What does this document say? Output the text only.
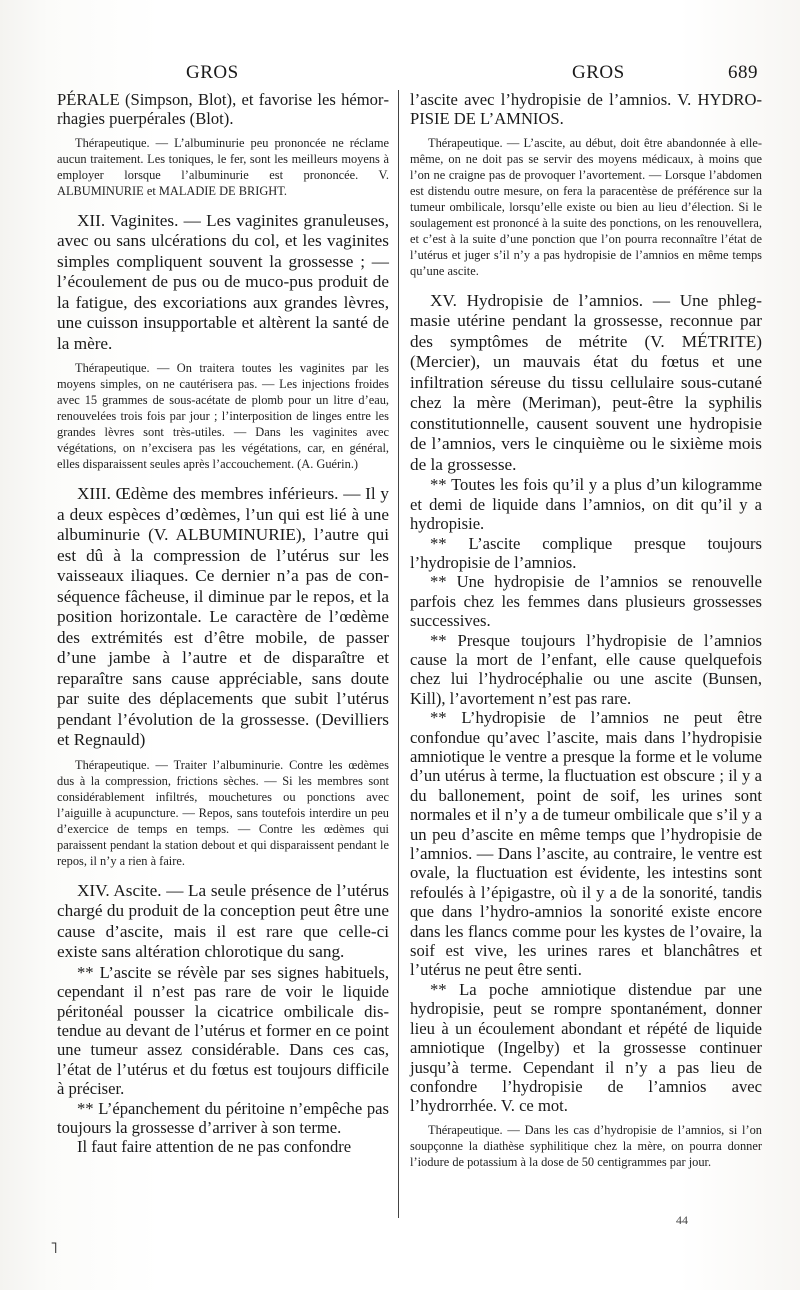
GROS	GROS	689

PÉRALE (Simpson, Blot), et favorise les hémorrhagies puerpérales (Blot).

Thérapeutique. — L’albuminurie peu prononcée ne réclame aucun traitement. Les toniques, le fer, sont les meilleurs moyens à employer lorsque l’albuminurie est prononcée. V. ALBUMINURIE et MALADIE DE BRIGHT.

XII. Vaginites. — Les vaginites granuleuses, avec ou sans ulcérations du col, et les vaginites simples compliquent souvent la grossesse ; — l’écoulement de pus ou de muco-pus produit de la fatigue, des excoriations aux grandes lèvres, une cuisson insupportable et altèrent la santé de la mère.

Thérapeutique. — On traitera toutes les vaginites par les moyens simples, on ne cautérisera pas. — Les injections froides avec 15 grammes de sous-acétate de plomb pour un litre d’eau, renouvelées trois fois par jour ; l’interposition de linges entre les grandes lèvres sont très-utiles. — Dans les vaginites avec végétations, on n’excisera pas les végétations, car, en général, elles disparaissent seules après l’accouchement. (A. Guérin.)

XIII. Œdème des membres inférieurs. — Il y a deux espèces d’œdèmes, l’un qui est lié à une albuminurie (V. ALBUMINURIE), l’autre qui est dû à la compression de l’utérus sur les vaisseaux iliaques. Ce dernier n’a pas de conséquence fâcheuse, il diminue par le repos, et la position horizontale. Le caractère de l’œdème des extrémités est d’être mobile, de passer d’une jambe à l’autre et de disparaître et reparaître sans cause appréciable, sans doute par suite des déplacements que subit l’utérus pendant l’évolution de la grossesse. (Devilliers et Regnauld)

Thérapeutique. — Traiter l’albuminurie. Contre les œdèmes dus à la compression, frictions sèches. — Si les membres sont considérablement infiltrés, mouchetures ou ponctions avec l’aiguille à acupuncture. — Repos, sans toutefois interdire un peu d’exercice de temps en temps. — Contre les œdèmes qui paraissent pendant la station debout et qui disparaissent pendant le repos, il n’y a rien à faire.

XIV. Ascite. — La seule présence de l’utérus chargé du produit de la conception peut être une cause d’ascite, mais il est rare que celle-ci existe sans altération chlorotique du sang.

** L’ascite se révèle par ses signes habituels, cependant il n’est pas rare de voir le liquide péritonéal pousser la cicatrice ombilicale distendue au devant de l’utérus et former en ce point une tumeur assez considérable. Dans ces cas, l’état de l’utérus et du fœtus est toujours difficile à préciser.

** L’épanchement du péritoine n’empêche pas toujours la grossesse d’arriver à son terme.

Il faut faire attention de ne pas confondre

l’ascite avec l’hydropisie de l’amnios. V. HYDROPISIE DE L’AMNIOS.

Thérapeutique. — L’ascite, au début, doit être abandonnée à elle-même, on ne doit pas se servir des moyens médicaux, à moins que l’on ne craigne pas de provoquer l’avortement. — Lorsque l’abdomen est distendu outre mesure, on fera la paracentèse de préférence sur la tumeur ombilicale, lorsqu’elle existe ou bien au lieu d’élection. Si le soulagement est prononcé à la suite des ponctions, on les renouvellera, et c’est à la suite d’une ponction que l’on pourra reconnaître l’état de l’utérus et juger s’il n’y a pas hydropisie de l’amnios en même temps qu’une ascite.

XV. Hydropisie de l’amnios. — Une phlegmasie utérine pendant la grossesse, reconnue par des symptômes de métrite (V. MÉTRITE) (Mercier), un mauvais état du fœtus et une infiltration séreuse du tissu cellulaire sous-cutané chez la mère (Meriman), peut-être la syphilis constitutionnelle, causent souvent une hydropisie de l’amnios, vers le cinquième ou le sixième mois de la grossesse.

** Toutes les fois qu’il y a plus d’un kilogramme et demi de liquide dans l’amnios, on dit qu’il y a hydropisie.

** L’ascite complique presque toujours l’hydropisie de l’amnios.

** Une hydropisie de l’amnios se renouvelle parfois chez les femmes dans plusieurs grossesses successives.

** Presque toujours l’hydropisie de l’amnios cause la mort de l’enfant, elle cause quelquefois chez lui l’hydrocéphalie ou une ascite (Bunsen, Kill), l’avortement n’est pas rare.

** L’hydropisie de l’amnios ne peut être confondue qu’avec l’ascite, mais dans l’hydropisie amniotique le ventre a presque la forme et le volume d’un utérus à terme, la fluctuation est obscure ; il y a du ballonement, point de soif, les urines sont normales et il n’y a de tumeur ombilicale que s’il y a un peu d’ascite en même temps que l’hydropisie de l’amnios. — Dans l’ascite, au contraire, le ventre est ovale, la fluctuation est évidente, les intestins sont refoulés à l’épigastre, où il y a de la sonorité, tandis que dans l’hydro-amnios la sonorité existe encore dans les flancs comme pour les kystes de l’ovaire, la soif est vive, les urines rares et blanchâtres et l’utérus ne peut être senti.

** La poche amniotique distendue par une hydropisie, peut se rompre spontanément, donner lieu à un écoulement abondant et répété de liquide amniotique (Ingelby) et la grossesse continuer jusqu’à terme. Cependant il n’y a pas lieu de confondre l’hydropisie de l’amnios avec l’hydrorrhée. V. ce mot.

Thérapeutique. — Dans les cas d’hydropisie de l’amnios, si l’on soupçonne la diathèse syphilitique chez la mère, on pourra donner l’iodure de potassium à la dose de 50 centigrammes par jour.

44
˥
